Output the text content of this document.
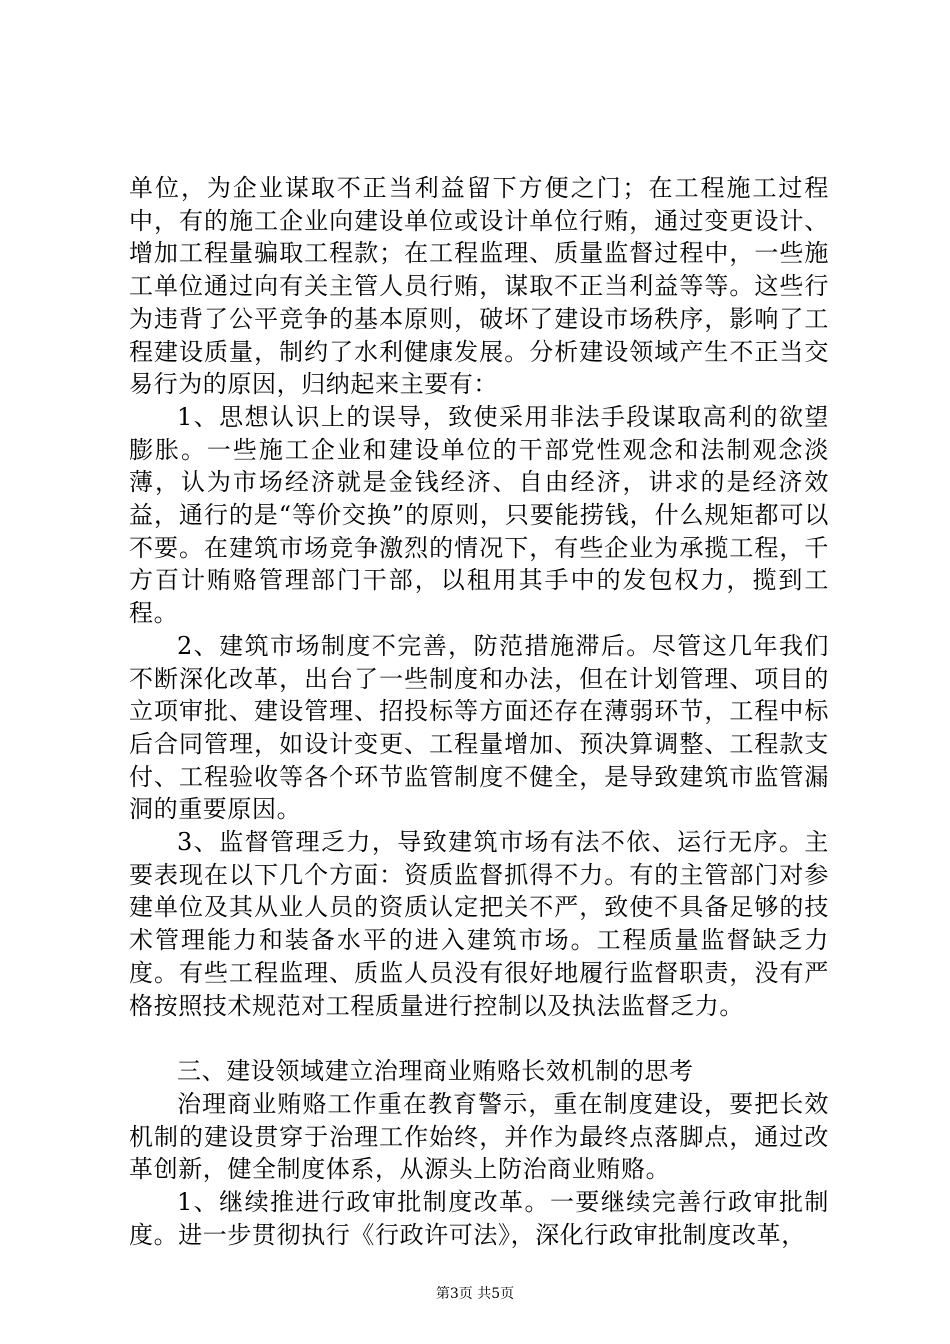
单位，为企业谋取不正当利益留下方便之门；在工程施工过程中，有的施工企业向建设单位或设计单位行贿，通过变更设计、增加工程量骗取工程款；在工程监理、质量监督过程中，一些施工单位通过向有关主管人员行贿，谋取不正当利益等等。这些行为违背了公平竞争的基本原则，破坏了建设市场秩序，影响了工程建设质量，制约了水利健康发展。分析建设领域产生不正当交易行为的原因，归纳起来主要有：

1、思想认识上的误导，致使采用非法手段谋取高利的欲望膨胀。一些施工企业和建设单位的干部党性观念和法制观念淡薄，认为市场经济就是金钱经济、自由经济，讲求的是经济效益，通行的是“等价交换”的原则，只要能捞钱，什么规矩都可以不要。在建筑市场竞争激烈的情况下，有些企业为承揽工程，千方百计贿赂管理部门干部，以租用其手中的发包权力，揽到工程。

2、建筑市场制度不完善，防范措施滞后。尽管这几年我们不断深化改革，出台了一些制度和办法，但在计划管理、项目的立项审批、建设管理、招投标等方面还存在薄弱环节，工程中标后合同管理，如设计变更、工程量增加、预决算调整、工程款支付、工程验收等各个环节监管制度不健全，是导致建筑市监管漏洞的重要原因。

3、监督管理乏力，导致建筑市场有法不依、运行无序。主要表现在以下几个方面：资质监督抓得不力。有的主管部门对参建单位及其从业人员的资质认定把关不严，致使不具备足够的技术管理能力和装备水平的进入建筑市场。工程质量监督缺乏力度。有些工程监理、质监人员没有很好地履行监督职责，没有严格按照技术规范对工程质量进行控制以及执法监督乏力。

三、建设领域建立治理商业贿赂长效机制的思考

治理商业贿赂工作重在教育警示，重在制度建设，要把长效机制的建设贯穿于治理工作始终，并作为最终点落脚点，通过改革创新，健全制度体系，从源头上防治商业贿赂。

1、继续推进行政审批制度改革。一要继续完善行政审批制度。进一步贯彻执行《行政许可法》，深化行政审批制度改革，

第3页 共5页
